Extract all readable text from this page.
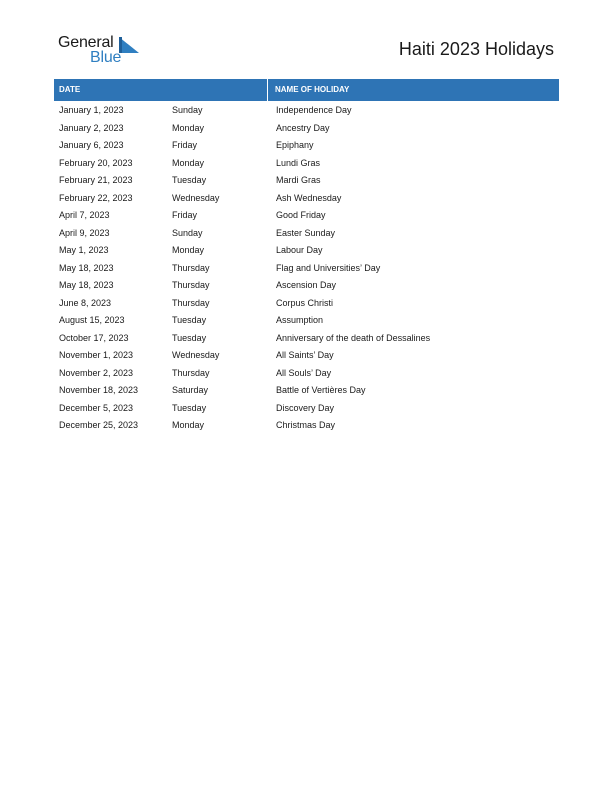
General
Blue	Haiti 2023 Holidays
DATE	NAME OF HOLIDAY
January 1, 2023	Sunday	Independence Day
January 2, 2023	Monday	Ancestry Day
January 6, 2023	Friday	Epiphany
February 20, 2023	Monday	Lundi Gras
February 21, 2023	Tuesday	Mardi Gras
February 22, 2023	Wednesday	Ash Wednesday
April 7, 2023	Friday	Good Friday
April 9, 2023	Sunday	Easter Sunday
May 1, 2023	Monday	Labour Day
May 18, 2023	Thursday	Flag and Universities’ Day
May 18, 2023	Thursday	Ascension Day
June 8, 2023	Thursday	Corpus Christi
August 15, 2023	Tuesday	Assumption
October 17, 2023	Tuesday	Anniversary of the death of Dessalines
November 1, 2023	Wednesday	All Saints’ Day
November 2, 2023	Thursday	All Souls’ Day
November 18, 2023	Saturday	Battle of Vertières Day
December 5, 2023	Tuesday	Discovery Day
December 25, 2023	Monday	Christmas Day
